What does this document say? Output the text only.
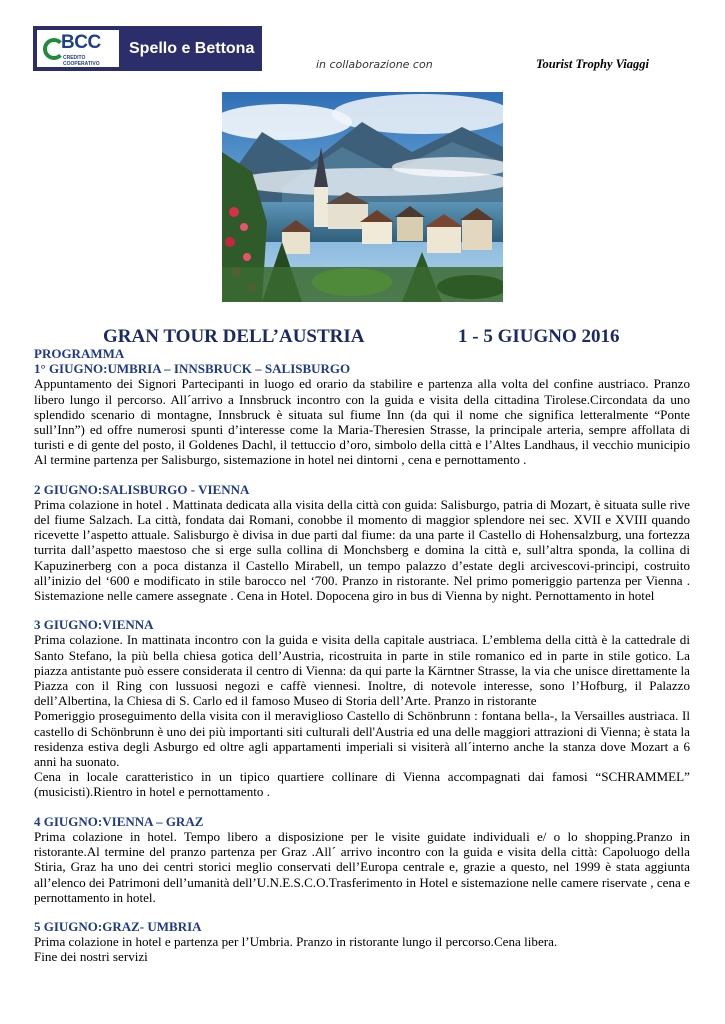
BCC
CREDITO COOPERATIVO
Spello e Bettona
in collaborazione con	Tourist Trophy Viaggi
GRAN TOUR DELL’AUSTRIA	1 - 5 GIUGNO 2016
PROGRAMMA
1° GIUGNO:UMBRIA – INNSBRUCK – SALISBURGO

Appuntamento dei Signori Partecipanti in luogo ed orario da stabilire e partenza alla volta del confine austriaco. Pranzo libero lungo il percorso. All´arrivo a Innsbruck incontro con la guida e visita della cittadina Tirolese.Circondata da uno splendido scenario di montagne, Innsbruck è situata sul fiume Inn (da qui il nome che significa letteralmente “Ponte sull’Inn”) ed offre numerosi spunti d’interesse come la Maria-Theresien Strasse, la principale arteria, sempre affollata di turisti e di gente del posto, il Goldenes Dachl, il tettuccio d’oro, simbolo della città e l’Altes Landhaus, il vecchio municipio Al termine partenza per Salisburgo, sistemazione in hotel nei dintorni , cena e pernottamento .

2 GIUGNO:SALISBURGO - VIENNA

Prima colazione in hotel . Mattinata dedicata alla visita della città con guida: Salisburgo, patria di Mozart, è situata sulle rive del fiume Salzach. La città, fondata dai Romani, conobbe il momento di maggior splendore nei sec. XVII e XVIII quando ricevette l’aspetto attuale. Salisburgo è divisa in due parti dal fiume: da una parte il Castello di Hohensalzburg, una fortezza turrita dall’aspetto maestoso che si erge sulla collina di Monchsberg e domina la città e, sull’altra sponda, la collina di Kapuzinerberg con a poca distanza il Castello Mirabell, un tempo palazzo d’estate degli arcivescovi-principi, costruito all’inizio del ‘600 e modificato in stile barocco nel ‘700. Pranzo in ristorante. Nel primo pomeriggio partenza per Vienna . Sistemazione nelle camere assegnate . Cena in Hotel. Dopocena giro in bus di Vienna by night. Pernottamento in hotel

3 GIUGNO:VIENNA

Prima colazione. In mattinata incontro con la guida e visita della capitale austriaca. L’emblema della città è la cattedrale di Santo Stefano, la più bella chiesa gotica dell’Austria, ricostruita in parte in stile romanico ed in parte in stile gotico. La piazza antistante può essere considerata il centro di Vienna: da qui parte la Kärntner Strasse, la via che unisce direttamente la Piazza con il Ring con lussuosi negozi e caffè viennesi. Inoltre, di notevole interesse, sono l’Hofburg, il Palazzo dell’Albertina, la Chiesa di S. Carlo ed il famoso Museo di Storia dell’Arte. Pranzo in ristorante

Pomeriggio proseguimento della visita con il meraviglioso Castello di Schönbrunn : fontana bella-, la Versailles austriaca. Il castello di Schönbrunn è uno dei più importanti siti culturali dell'Austria ed una delle maggiori attrazioni di Vienna; è stata la residenza estiva degli Asburgo ed oltre agli appartamenti imperiali si visiterà all´interno anche la stanza dove Mozart a 6 anni ha suonato.

Cena in locale caratteristico in un tipico quartiere collinare di Vienna accompagnati dai famosi “SCHRAMMEL” (musicisti).Rientro in hotel e pernottamento .

4 GIUGNO:VIENNA – GRAZ

Prima colazione in hotel. Tempo libero a disposizione per le visite guidate individuali e/ o lo shopping.Pranzo in ristorante.Al termine del pranzo partenza per Graz .All´ arrivo incontro con la guida e visita della città: Capoluogo della Stiria, Graz ha uno dei centri storici meglio conservati dell’Europa centrale e, grazie a questo, nel 1999 è stata aggiunta all’elenco dei Patrimoni dell’umanità dell’U.N.E.S.C.O.Trasferimento in Hotel e sistemazione nelle camere riservate , cena e pernottamento in hotel.

5 GIUGNO:GRAZ- UMBRIA

Prima colazione in hotel e partenza per l’Umbria. Pranzo in ristorante lungo il percorso.Cena libera.

Fine dei nostri servizi
